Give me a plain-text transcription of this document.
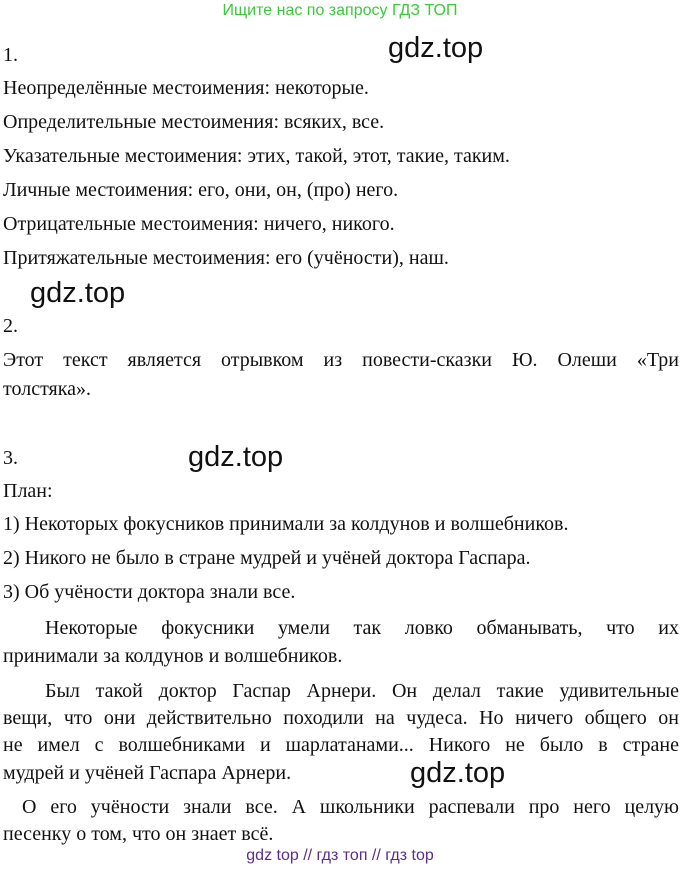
Ищите нас по запросу ГДЗ ТОП
gdz.top
1.
Неопределённые местоимения: некоторые.
Определительные местоимения: всяких, все.
Указательные местоимения: этих, такой, этот, такие, таким.
Личные местоимения: его, они, он, (про) него.
Отрицательные местоимения: ничего, никого.
Притяжательные местоимения: его (учёности), наш.
gdz.top
2.
Этот текст является отрывком из повести-сказки Ю. Олеши «Три
толстяка».
3.	gdz.top
План:
1) Некоторых фокусников принимали за колдунов и волшебников.
2) Никого не было в стране мудрей и учёней доктора Гаспара.
3) Об учёности доктора знали все.
Некоторые фокусники умели так ловко обманывать, что их
принимали за колдунов и волшебников.
Был такой доктор Гаспар Арнери. Он делал такие удивительные
вещи, что они действительно походили на чудеса. Но ничего общего он
не имел с волшебниками и шарлатанами... Никого не было в стране
мудрей и учёней Гаспара Арнери.	gdz.top
О его учёности знали все. А школьники распевали про него целую
песенку о том, что он знает всё.
gdz top // гдз топ // гдз top
